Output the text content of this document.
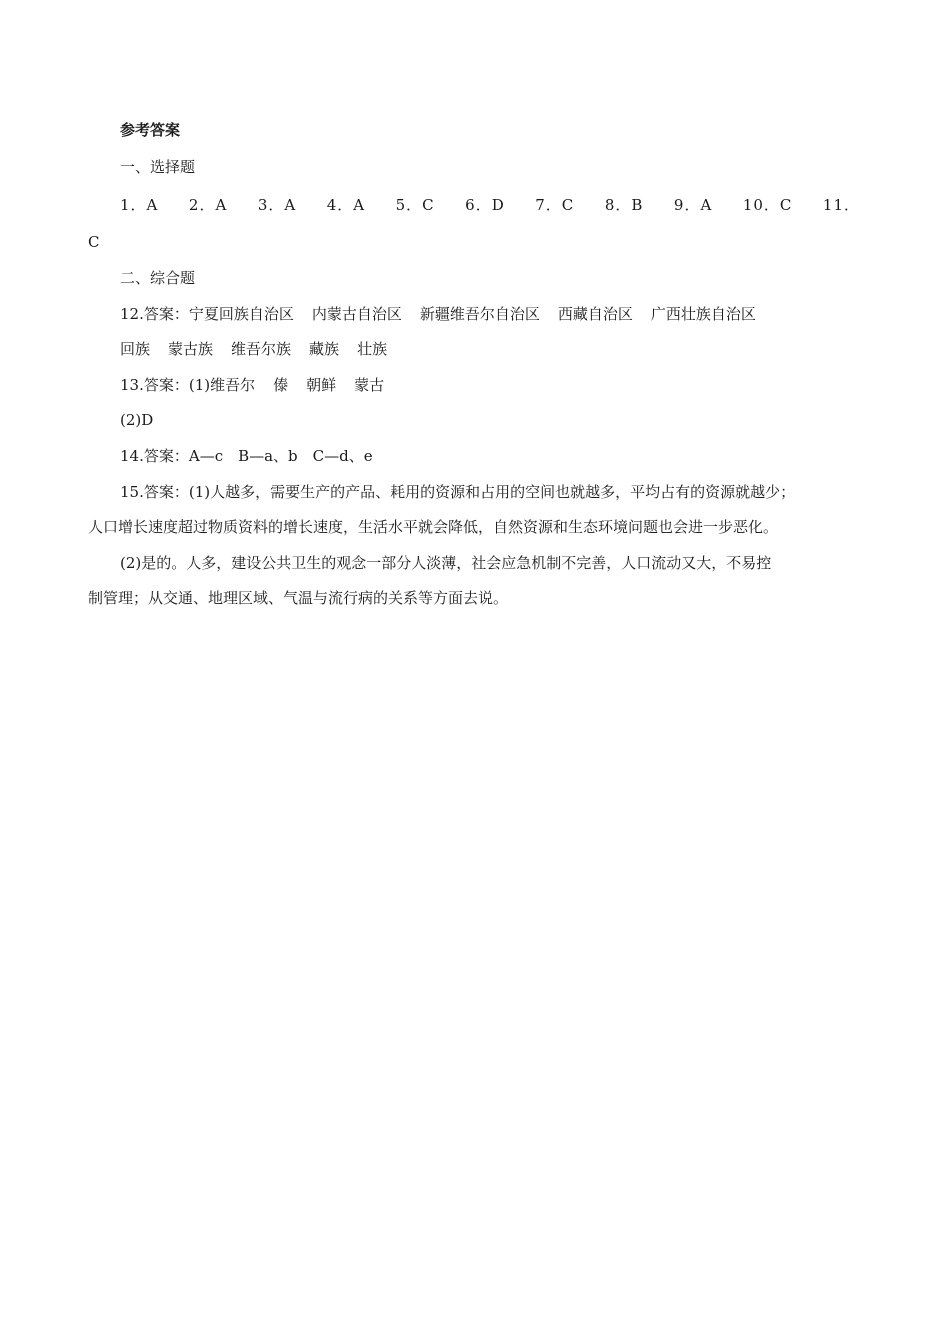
参考答案
一、选择题
1．A 2．A 3．A 4．A 5．C 6．D 7．C 8．B 9．A 10．C 11．
C
二、综合题
12.答案：宁夏回族自治区 内蒙古自治区 新疆维吾尔自治区 西藏自治区 广西壮族自治区
回族 蒙古族 维吾尔族 藏族 壮族
13.答案：(1)维吾尔 傣 朝鲜 蒙古
(2)D
14.答案：A—c　B—a、b　C—d、e
15.答案：(1)人越多，需要生产的产品、耗用的资源和占用的空间也就越多，平均占有的资源就越少；
人口增长速度超过物质资料的增长速度，生活水平就会降低，自然资源和生态环境问题也会进一步恶化。
(2)是的。人多，建设公共卫生的观念一部分人淡薄，社会应急机制不完善，人口流动又大，不易控
制管理；从交通、地理区域、气温与流行病的关系等方面去说。
